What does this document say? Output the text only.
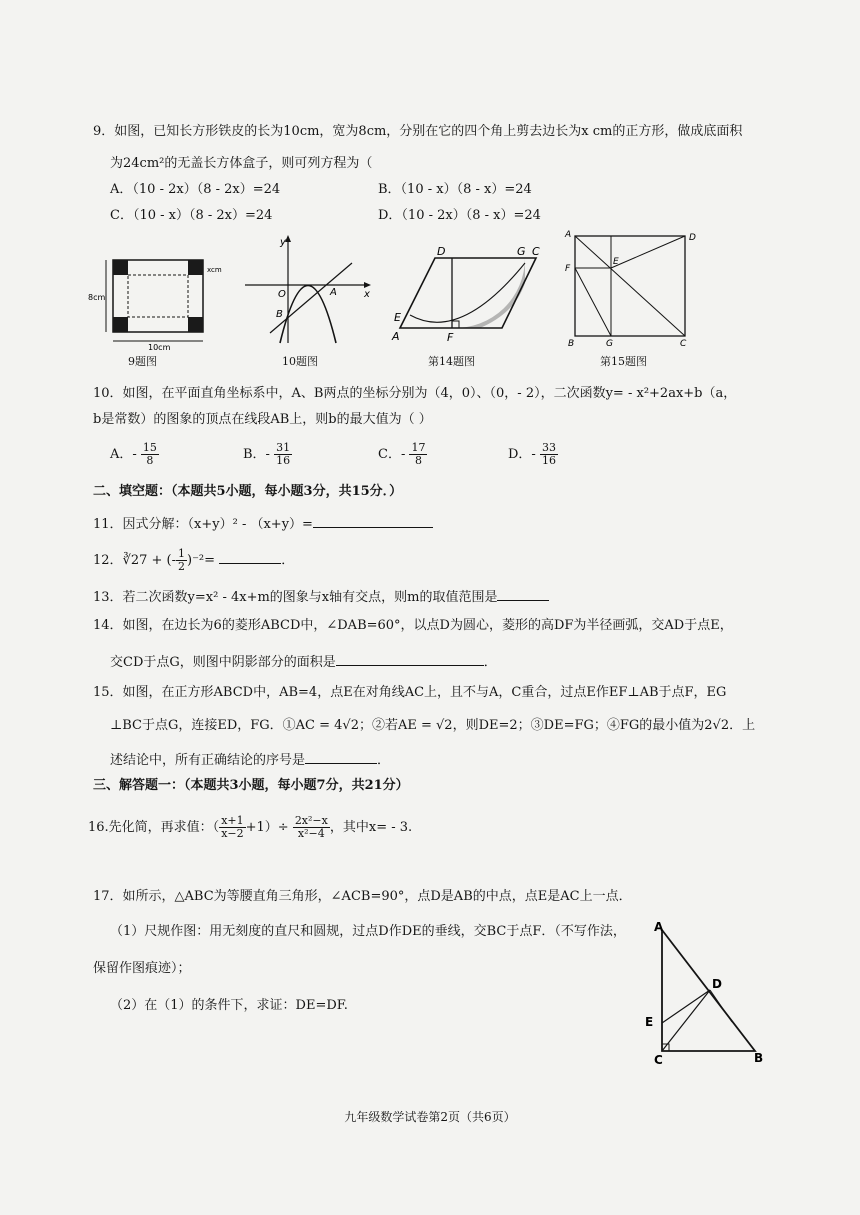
9．如图，已知长方形铁皮的长为10cm，宽为8cm，分别在它的四个角上剪去边长为x cm的正方形，做成底面积
为24cm²的无盖长方体盒子，则可列方程为（
A．（10 - 2x）（8 - 2x）=24	B．（10 - x）（8 - x）=24
C．（10 - x）（8 - 2x）=24	D．（10 - 2x）（8 - x）=24
8cm
10cm
xcm
9题图
y
x
O	A
B
10题图
D	G C
E
A	F
第14题图
A	D
F
E
B	G	C
第15题图
10．如图，在平面直角坐标系中，A、B两点的坐标分别为（4，0）、（0，- 2），二次函数y= - x²+2ax+b（a，
b是常数）的图象的顶点在线段AB上，则b的最大值为（ ）
A．- $\frac{15}{8}$	B．- $\frac{31}{16}$	C．- $\frac{17}{8}$	D．- $\frac{33}{16}$
二、填空题：（本题共5小题，每小题3分，共15分．）
11．因式分解：（x+y）² - （x+y）=
12．∛27 + (- $\frac{1}{2} )^{-2}=$	．
13．若二次函数y=x² - 4x+m的图象与x轴有交点，则m的取值范围是
14．如图，在边长为6的菱形ABCD中，∠DAB=60°，以点D为圆心，菱形的高DF为半径画弧，交AD于点E，
交CD于点G，则图中阴影部分的面积是	．
15．如图，在正方形ABCD中，AB=4，点E在对角线AC上，且不与A，C重合，过点E作EF⊥AB于点F，EG
⊥BC于点G，连接ED，FG．①AC = 4√2；②若AE = √2，则DE=2；③DE=FG；④FG的最小值为2√2．上
述结论中，所有正确结论的序号是	．
三、解答题一：（本题共3小题，每小题7分，共21分）
16.先化简，再求值：（ $\frac{x+1}{x-2} +1)\div \frac{\text{2x²−x}}{\text{x²−4}}$ ，其中x= - 3.
17．如所示，△ABC为等腰直角三角形，∠ACB=90°，点D是AB的中点，点E是AC上一点．
（1）尺规作图：用无刻度的直尺和圆规，过点D作DE的垂线，交BC于点F．（不写作法，
保留作图痕迹）；
（2）在（1）的条件下，求证：DE=DF.
A
D
E
C	B
九年级数学试卷第2页（共6页）
